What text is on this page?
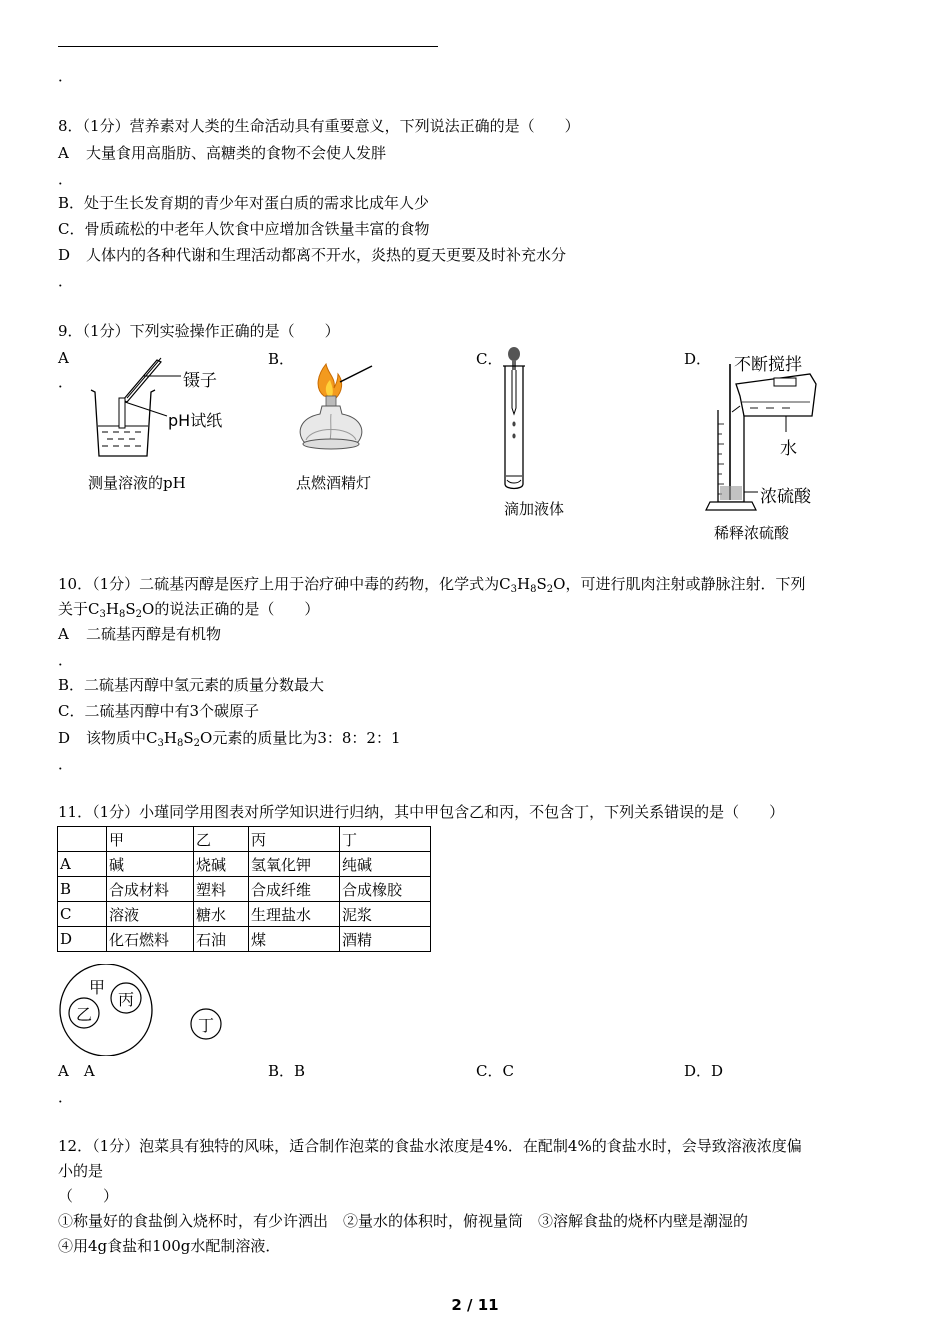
．
8．（1分）营养素对人类的生命活动具有重要意义，下列说法正确的是（　　）
A 大量食用高脂肪、高糖类的食物不会使人发胖
．
B．处于生长发育期的青少年对蛋白质的需求比成年人少
C．骨质疏松的中老年人饮食中应增加含铁量丰富的食物
D 人体内的各种代谢和生理活动都离不开水，炎热的夏天更要及时补充水分
．
9．（1分）下列实验操作正确的是（　　）
A
．
B．	C．	D．
镊子
pH试纸
测量溶液的pH	点燃酒精灯
滴加液体
不断搅拌
水
浓硫酸
稀释浓硫酸
10．（1分）二硫基丙醇是医疗上用于治疗砷中毒的药物，化学式为$C_3H_8S_2O$，可进行肌肉注射或静脉注射．下列
关于$C_3H_8S_2O$的说法正确的是（　　）
A 二硫基丙醇是有机物
．
B．二硫基丙醇中氢元素的质量分数最大
C．二硫基丙醇中有3个碳原子
D 该物质中$C_3H_8S_2O$元素的质量比为3：8：2：1
．
11．（1分）小瑾同学用图表对所学知识进行归纳，其中甲包含乙和丙，不包含丁，下列关系错误的是（　　）
	甲	乙	丙	丁
A	碱	烧碱	氢氧化钾	纯碱
B	合成材料	塑料	合成纤维	合成橡胶
C	溶液	糖水	生理盐水	泥浆
D	化石燃料	石油	煤	酒精
甲
乙
丙
丁
A　A	B．B	C．C	D．D
．
12．（1分）泡菜具有独特的风味，适合制作泡菜的食盐水浓度是4%．在配制4%的食盐水时，会导致溶液浓度偏
小的是
（　　）
①称量好的食盐倒入烧杯时，有少许洒出　②量水的体积时，俯视量筒　③溶解食盐的烧杯内壁是潮湿的
④用4g食盐和100g水配制溶液．
2 / 11
